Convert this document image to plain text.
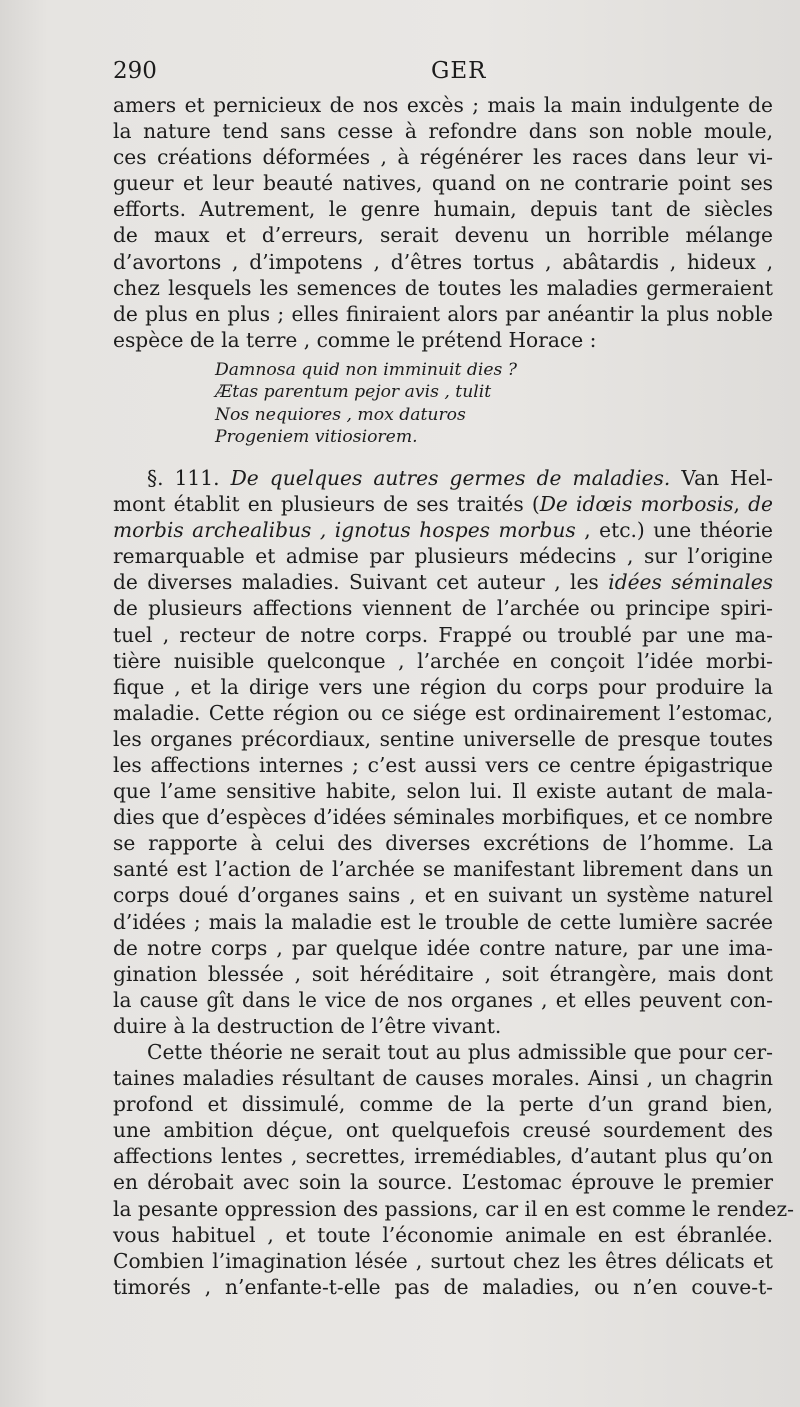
290	GER
amers et pernicieux de nos excès ; mais la main indulgente de
la nature tend sans cesse à refondre dans son noble moule,
ces créations déformées , à régénérer les races dans leur vi-
gueur et leur beauté natives, quand on ne contrarie point ses
efforts. Autrement, le genre humain, depuis tant de siècles
de maux et d’erreurs, serait devenu un horrible mélange
d’avortons , d’impotens , d’êtres tortus , abâtardis , hideux ,
chez lesquels les semences de toutes les maladies germeraient
de plus en plus ; elles finiraient alors par anéantir la plus noble
espèce de la terre , comme le prétend Horace :
Damnosa quid non imminuit dies ?
Ætas parentum pejor avis , tulit
Nos nequiores , mox daturos
Progeniem vitiosiorem.
§. 111. De quelques autres germes de maladies. Van Hel-
mont établit en plusieurs de ses traités (De idœis morbosis, de
morbis archealibus , ignotus hospes morbus , etc.) une théorie
remarquable et admise par plusieurs médecins , sur l’origine
de diverses maladies. Suivant cet auteur , les idées séminales
de plusieurs affections viennent de l’archée ou principe spiri-
tuel , recteur de notre corps. Frappé ou troublé par une ma-
tière nuisible quelconque , l’archée en conçoit l’idée morbi-
fique , et la dirige vers une région du corps pour produire la
maladie. Cette région ou ce siége est ordinairement l’estomac,
les organes précordiaux, sentine universelle de presque toutes
les affections internes ; c’est aussi vers ce centre épigastrique
que l’ame sensitive habite, selon lui. Il existe autant de mala-
dies que d’espèces d’idées séminales morbifiques, et ce nombre
se rapporte à celui des diverses excrétions de l’homme. La
santé est l’action de l’archée se manifestant librement dans un
corps doué d’organes sains , et en suivant un système naturel
d’idées ; mais la maladie est le trouble de cette lumière sacrée
de notre corps , par quelque idée contre nature, par une ima-
gination blessée , soit héréditaire , soit étrangère, mais dont
la cause gît dans le vice de nos organes , et elles peuvent con-
duire à la destruction de l’être vivant.
Cette théorie ne serait tout au plus admissible que pour cer-
taines maladies résultant de causes morales. Ainsi , un chagrin
profond et dissimulé, comme de la perte d’un grand bien,
une ambition déçue, ont quelquefois creusé sourdement des
affections lentes , secrettes, irremédiables, d’autant plus qu’on
en dérobait avec soin la source. L’estomac éprouve le premier
la pesante oppression des passions, car il en est comme le rendez-
vous habituel , et toute l’économie animale en est ébranlée.
Combien l’imagination lésée , surtout chez les êtres délicats et
timorés , n’enfante-t-elle pas de maladies, ou n’en couve-t-
